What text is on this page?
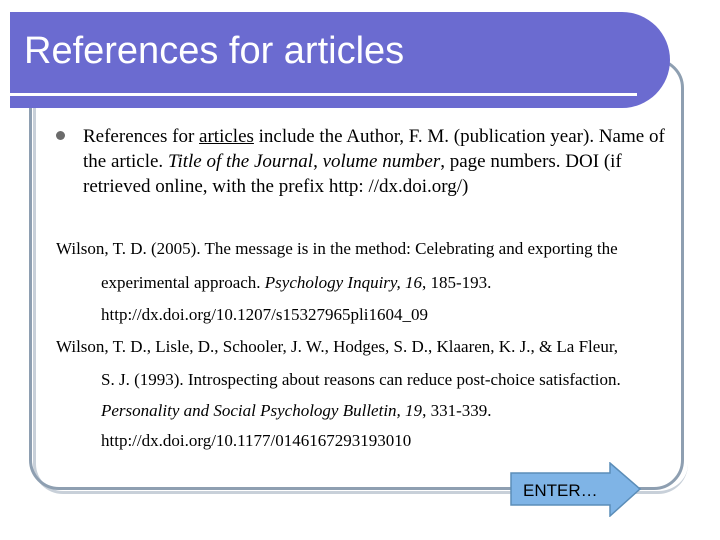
References for articles
References for articles include the Author, F. M. (publication year). Name of the article. Title of the Journal, volume number, page numbers. DOI (if retrieved online, with the prefix http: //dx.doi.org/)
Wilson, T. D. (2005). The message is in the method: Celebrating and exporting the
experimental approach. Psychology Inquiry, 16, 185-193.
http://dx.doi.org/10.1207/s15327965pli1604_09
Wilson, T. D., Lisle, D., Schooler, J. W., Hodges, S. D., Klaaren, K. J., & La Fleur,
S. J. (1993). Introspecting about reasons can reduce post-choice satisfaction.
Personality and Social Psychology Bulletin, 19, 331-339.
http://dx.doi.org/10.1177/0146167293193010
ENTER…
